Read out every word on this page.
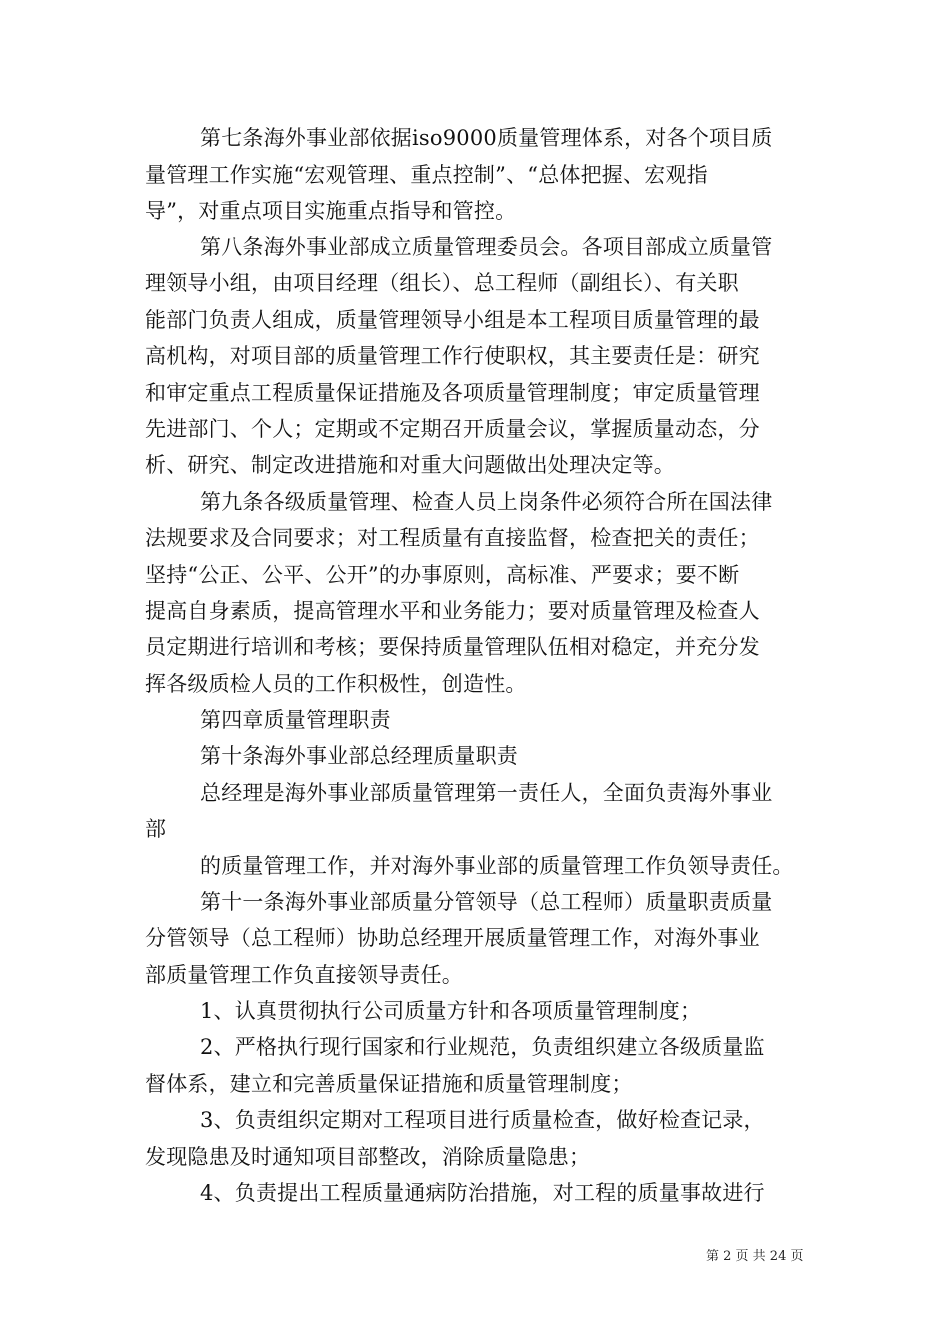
第七条海外事业部依据iso9000质量管理体系，对各个项目质
量管理工作实施“宏观管理、重点控制”、“总体把握、宏观指
导”，对重点项目实施重点指导和管控。
第八条海外事业部成立质量管理委员会。各项目部成立质量管
理领导小组，由项目经理（组长）、总工程师（副组长）、有关职
能部门负责人组成，质量管理领导小组是本工程项目质量管理的最
高机构，对项目部的质量管理工作行使职权，其主要责任是：研究
和审定重点工程质量保证措施及各项质量管理制度；审定质量管理
先进部门、个人；定期或不定期召开质量会议，掌握质量动态，分
析、研究、制定改进措施和对重大问题做出处理决定等。
第九条各级质量管理、检查人员上岗条件必须符合所在国法律
法规要求及合同要求；对工程质量有直接监督，检查把关的责任；
坚持“公正、公平、公开”的办事原则，高标准、严要求；要不断
提高自身素质，提高管理水平和业务能力；要对质量管理及检查人
员定期进行培训和考核；要保持质量管理队伍相对稳定，并充分发
挥各级质检人员的工作积极性，创造性。
第四章质量管理职责
第十条海外事业部总经理质量职责
总经理是海外事业部质量管理第一责任人，全面负责海外事业
部
的质量管理工作，并对海外事业部的质量管理工作负领导责任。
第十一条海外事业部质量分管领导（总工程师）质量职责质量
分管领导（总工程师）协助总经理开展质量管理工作，对海外事业
部质量管理工作负直接领导责任。
1、认真贯彻执行公司质量方针和各项质量管理制度；
2、严格执行现行国家和行业规范，负责组织建立各级质量监
督体系，建立和完善质量保证措施和质量管理制度；
3、负责组织定期对工程项目进行质量检查，做好检查记录，
发现隐患及时通知项目部整改，消除质量隐患；
4、负责提出工程质量通病防治措施，对工程的质量事故进行
第 2 页 共 24 页
